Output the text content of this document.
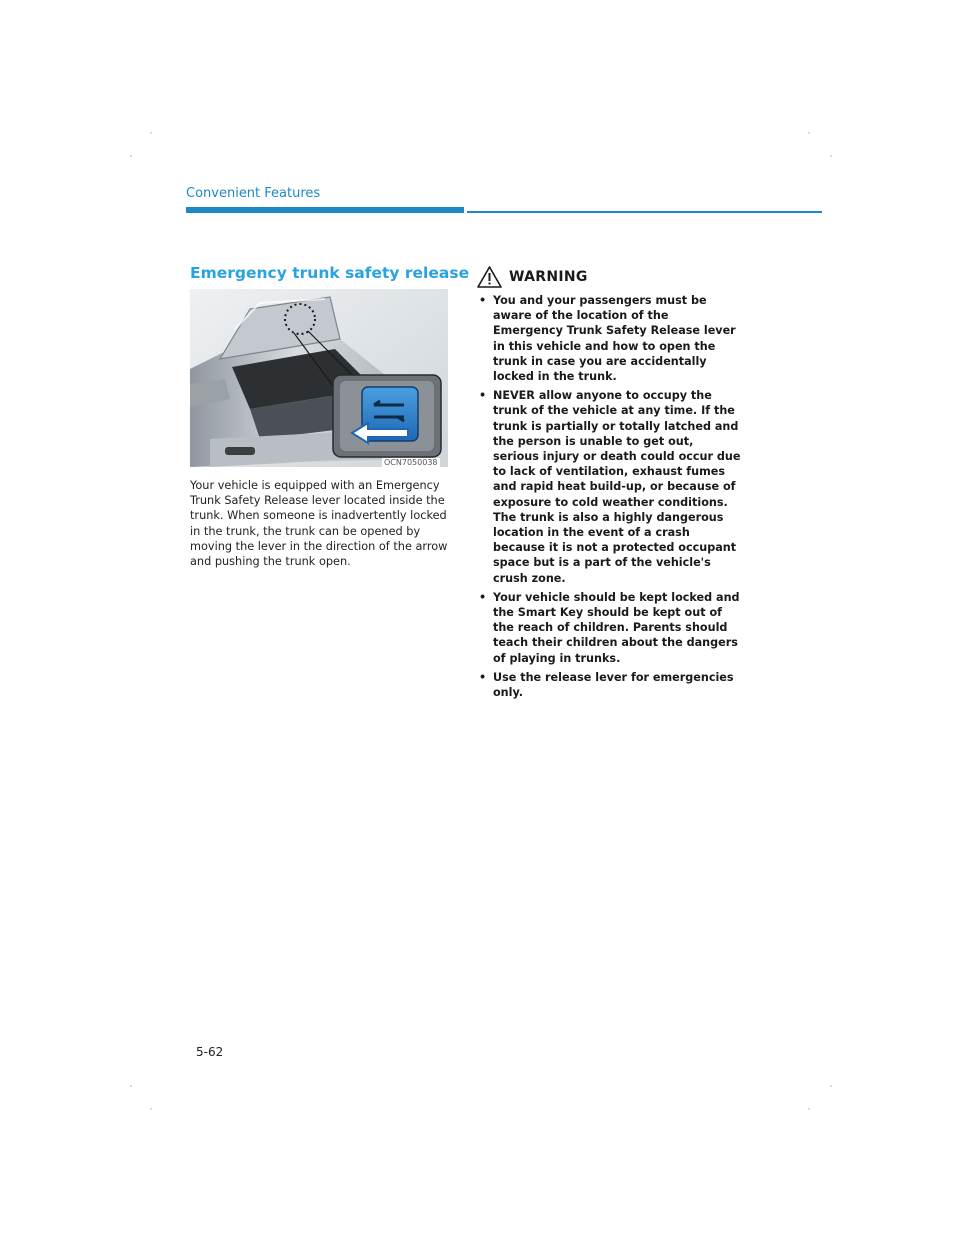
Convenient Features
Emergency trunk safety release
OCN7050038

Your vehicle is equipped with an Emergency Trunk Safety Release lever located inside the trunk. When someone is inadvertently locked in the trunk, the trunk can be opened by moving the lever in the direction of the arrow and pushing the trunk open.

WARNING
• You and your passengers must be aware of the location of the Emergency Trunk Safety Release lever in this vehicle and how to open the trunk in case you are accidentally locked in the trunk.
• NEVER allow anyone to occupy the trunk of the vehicle at any time. If the trunk is partially or totally latched and the person is unable to get out, serious injury or death could occur due to lack of ventilation, exhaust fumes and rapid heat build-up, or because of exposure to cold weather conditions. The trunk is also a highly dangerous location in the event of a crash because it is not a protected occupant space but is a part of the vehicle's crush zone.
• Your vehicle should be kept locked and the Smart Key should be kept out of the reach of children. Parents should teach their children about the dangers of playing in trunks.
• Use the release lever for emergencies only.
5-62
